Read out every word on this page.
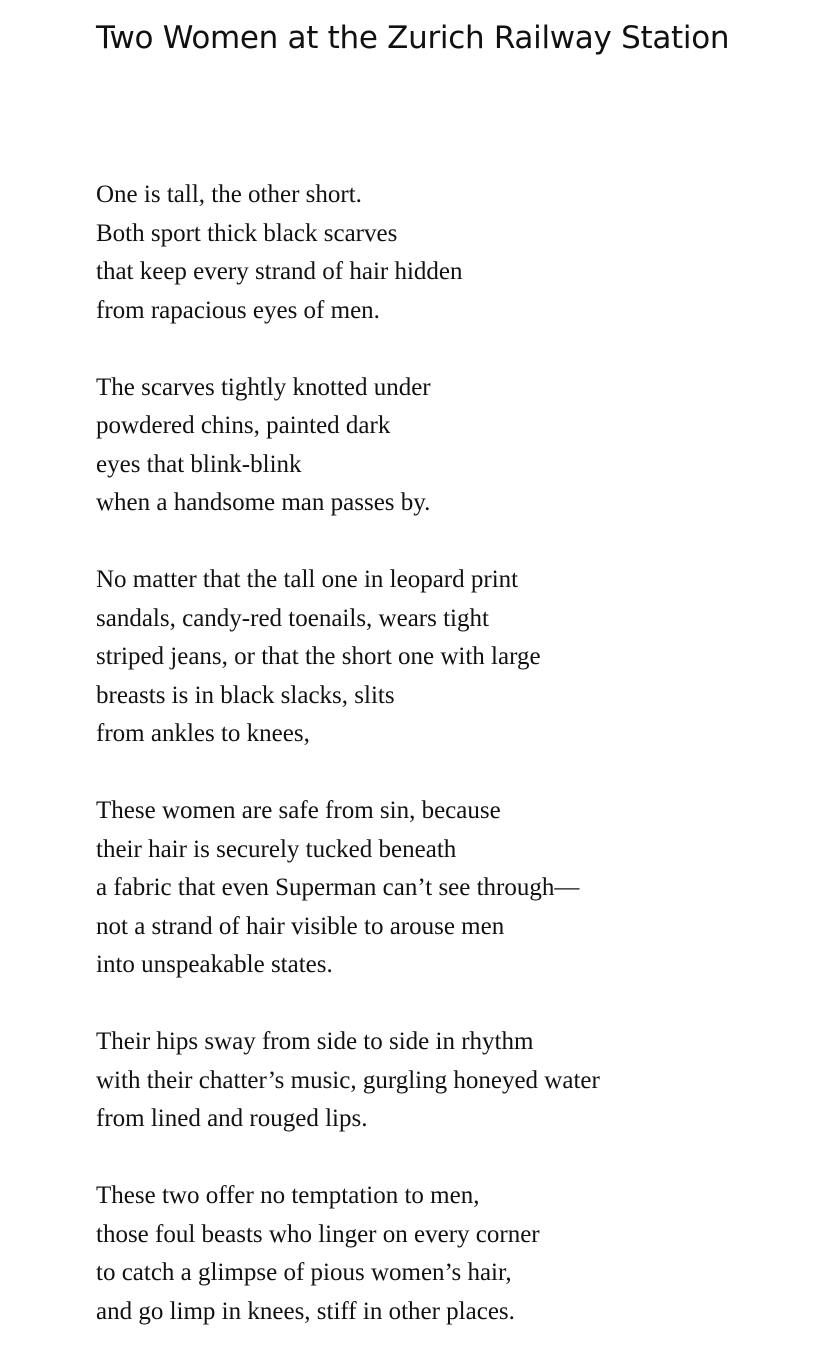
Two Women at the Zurich Railway Station
One is tall, the other short.
Both sport thick black scarves
that keep every strand of hair hidden
from rapacious eyes of men.
The scarves tightly knotted under
powdered chins, painted dark
eyes that blink-blink
when a handsome man passes by.
No matter that the tall one in leopard print
sandals, candy-red toenails, wears tight
striped jeans, or that the short one with large
breasts is in black slacks, slits
from ankles to knees,
These women are safe from sin, because
their hair is securely tucked beneath
a fabric that even Superman can’t see through—
not a strand of hair visible to arouse men
into unspeakable states.
Their hips sway from side to side in rhythm
with their chatter’s music, gurgling honeyed water
from lined and rouged lips.
These two offer no temptation to men,
those foul beasts who linger on every corner
to catch a glimpse of pious women’s hair,
and go limp in knees, stiff in other places.
